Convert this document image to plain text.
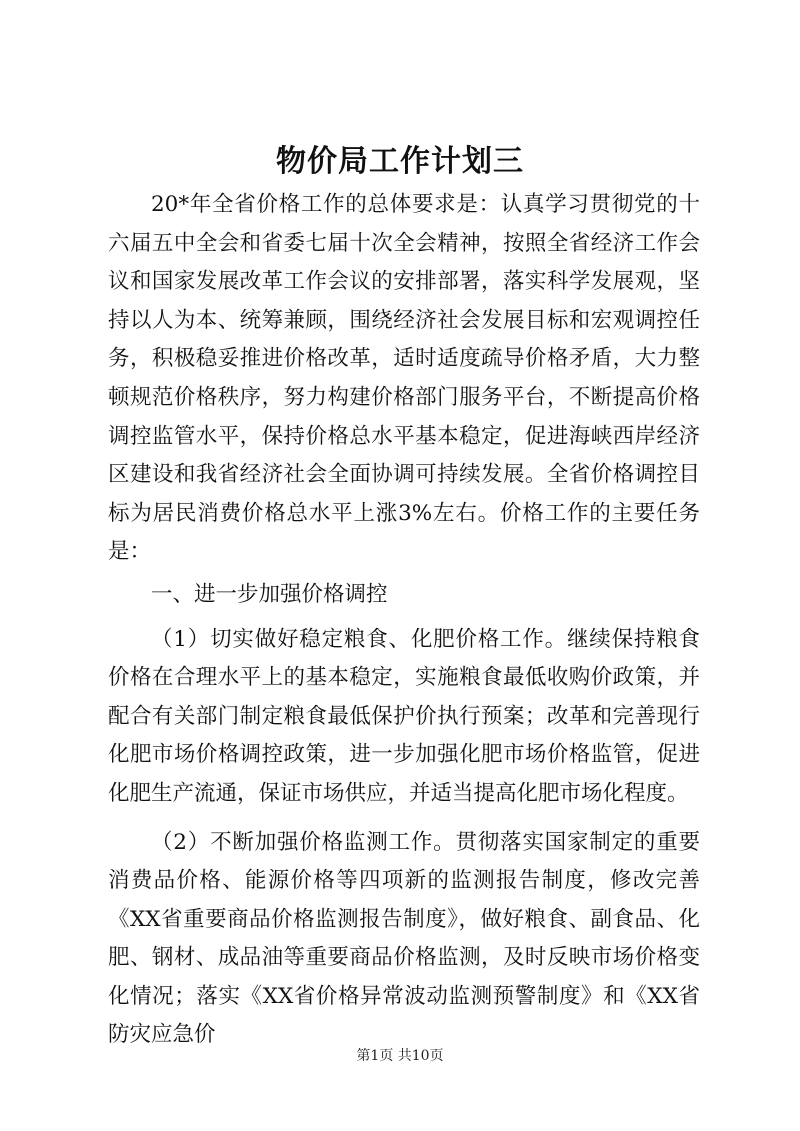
物价局工作计划三

20*年全省价格工作的总体要求是：认真学习贯彻党的十六届五中全会和省委七届十次全会精神，按照全省经济工作会议和国家发展改革工作会议的安排部署，落实科学发展观，坚持以人为本、统筹兼顾，围绕经济社会发展目标和宏观调控任务，积极稳妥推进价格改革，适时适度疏导价格矛盾，大力整顿规范价格秩序，努力构建价格部门服务平台，不断提高价格调控监管水平，保持价格总水平基本稳定，促进海峡西岸经济区建设和我省经济社会全面协调可持续发展。全省价格调控目标为居民消费价格总水平上涨3%左右。价格工作的主要任务是：

一、进一步加强价格调控

（1）切实做好稳定粮食、化肥价格工作。继续保持粮食价格在合理水平上的基本稳定，实施粮食最低收购价政策，并配合有关部门制定粮食最低保护价执行预案；改革和完善现行化肥市场价格调控政策，进一步加强化肥市场价格监管，促进化肥生产流通，保证市场供应，并适当提高化肥市场化程度。

（2）不断加强价格监测工作。贯彻落实国家制定的重要消费品价格、能源价格等四项新的监测报告制度，修改完善《XX省重要商品价格监测报告制度》，做好粮食、副食品、化肥、钢材、成品油等重要商品价格监测，及时反映市场价格变化情况；落实《XX省价格异常波动监测预警制度》和《XX省防灾应急价

第1页 共10页
